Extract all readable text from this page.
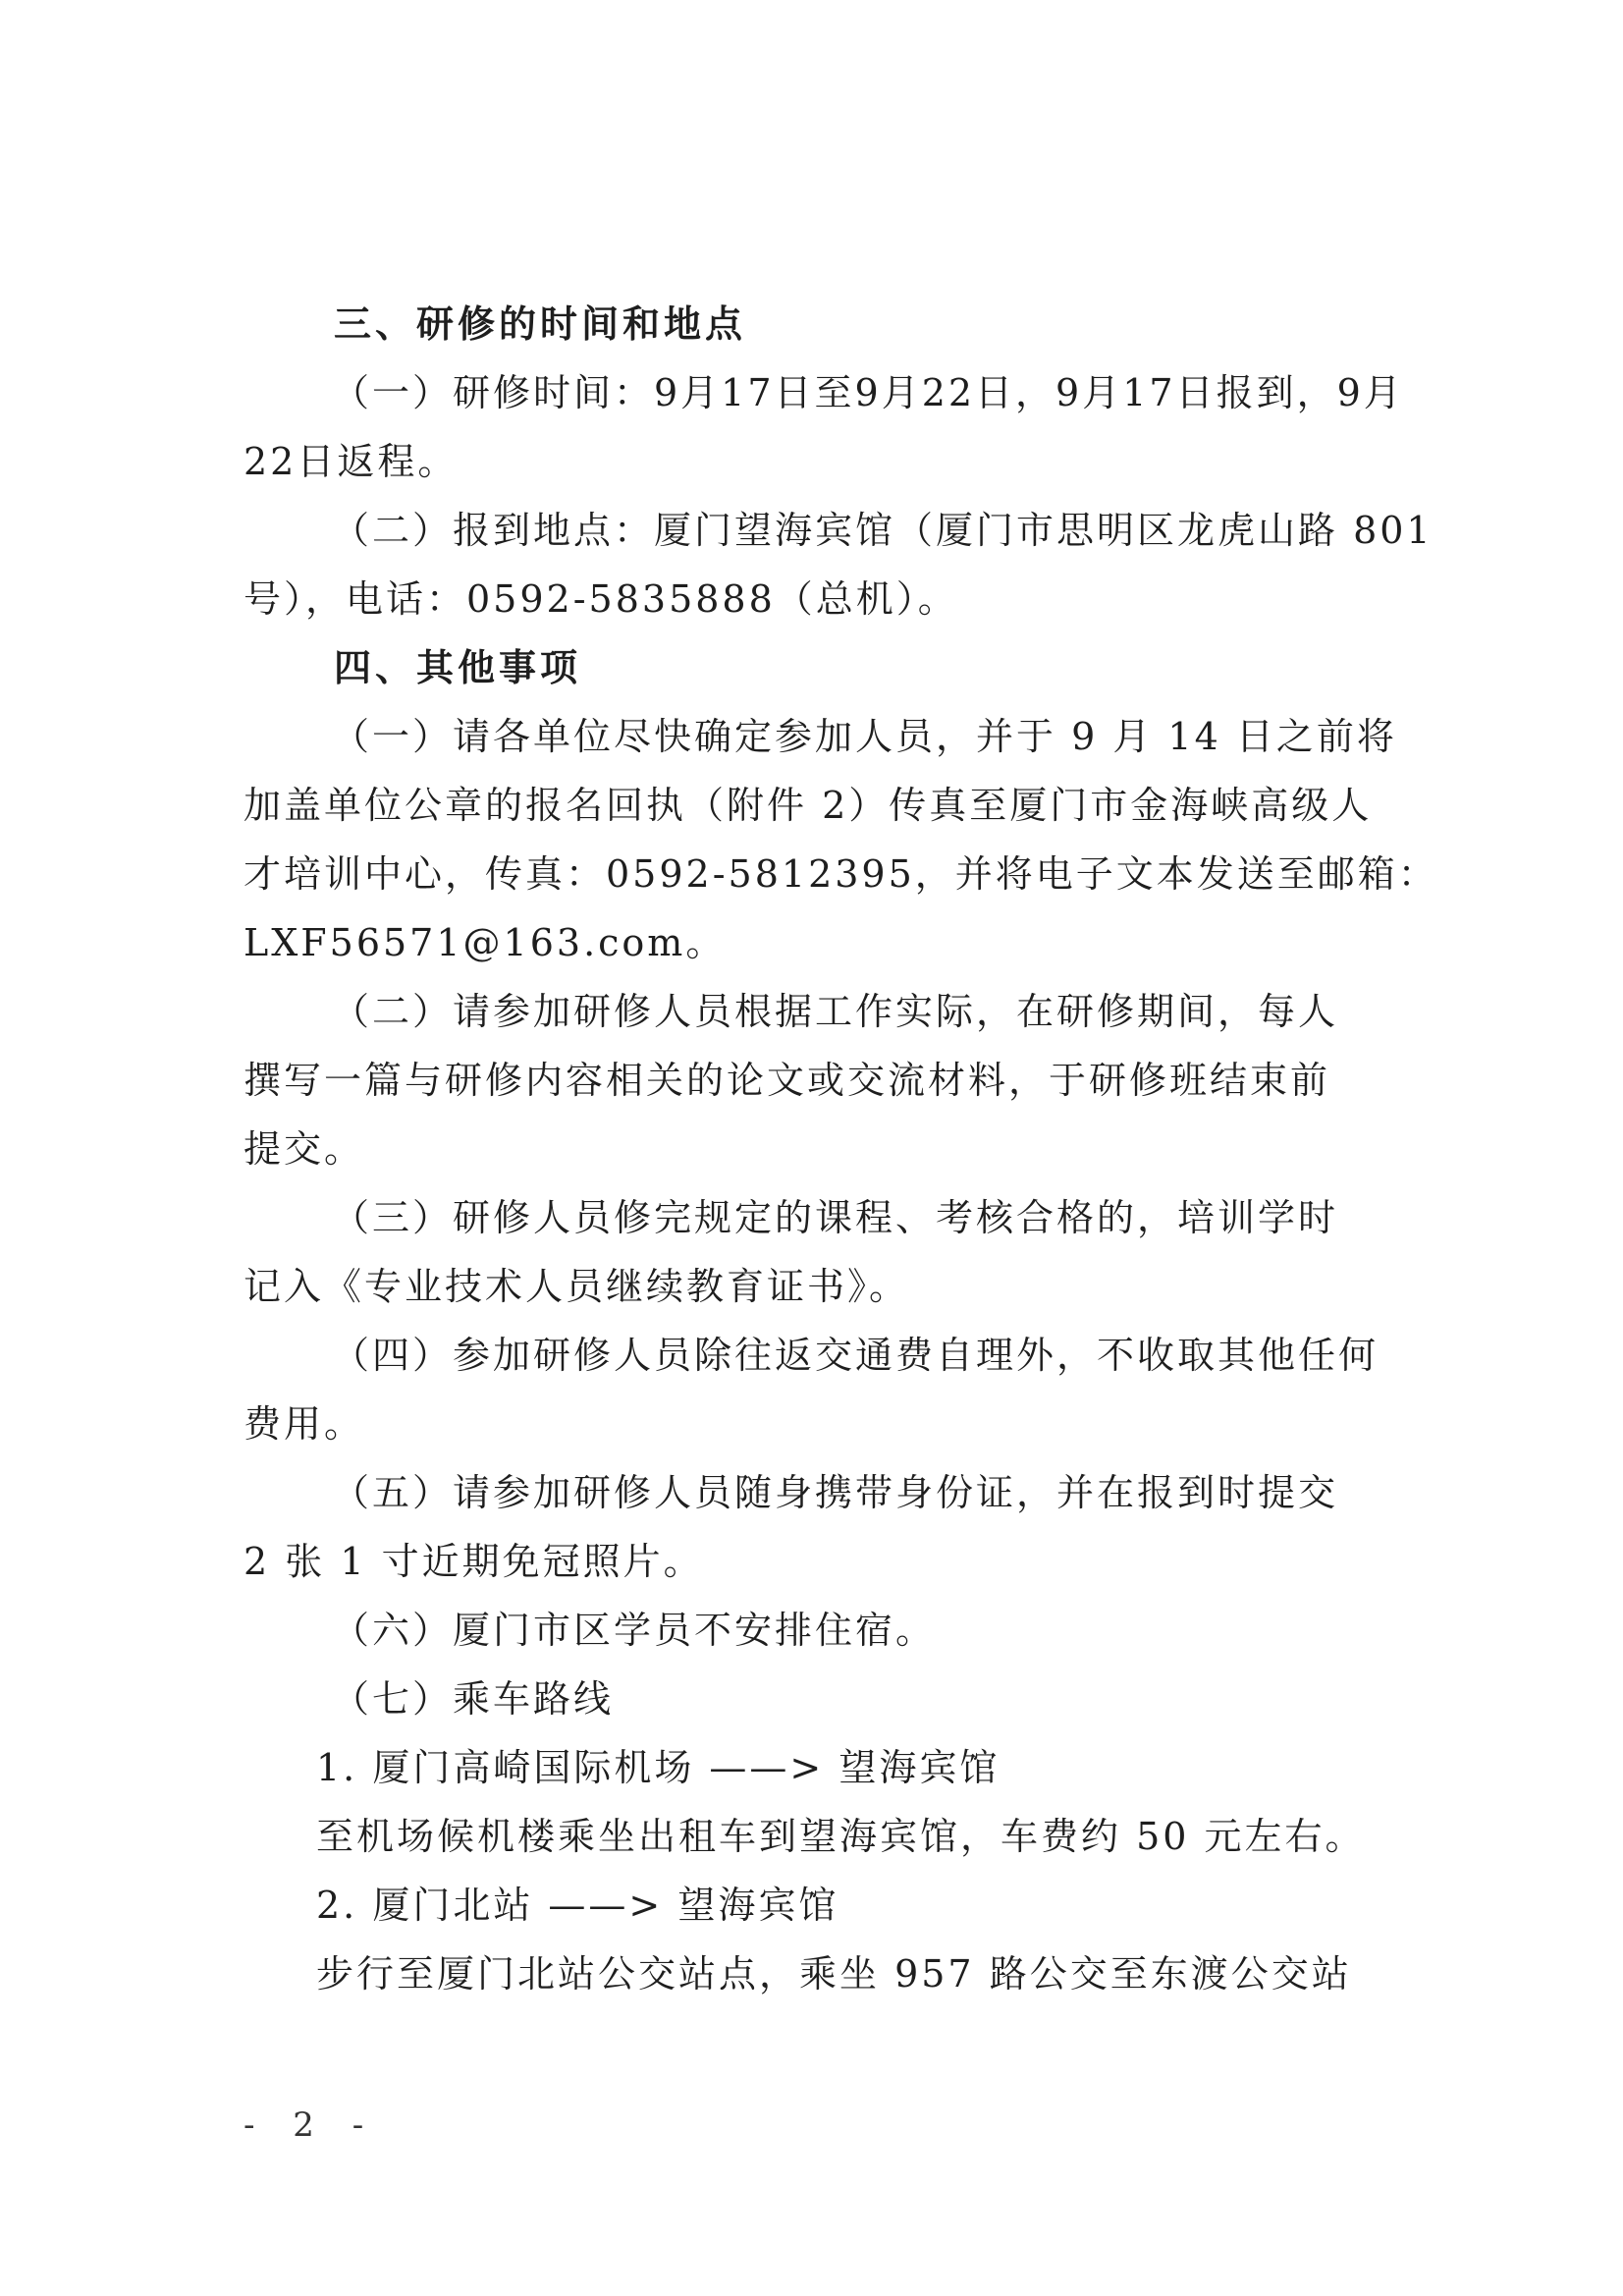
三、研修的时间和地点

（一）研修时间：9月17日至9月22日，9月17日报到，9月

22日返程。

（二）报到地点：厦门望海宾馆（厦门市思明区龙虎山路 801

号），电话：0592-5835888（总机）。

四、其他事项

（一）请各单位尽快确定参加人员，并于 9 月 14 日之前将

加盖单位公章的报名回执（附件 2）传真至厦门市金海峡高级人

才培训中心，传真：0592-5812395，并将电子文本发送至邮箱：

LXF56571@163.com。

（二）请参加研修人员根据工作实际，在研修期间，每人

撰写一篇与研修内容相关的论文或交流材料，于研修班结束前

提交。

（三）研修人员修完规定的课程、考核合格的，培训学时

记入《专业技术人员继续教育证书》。

（四）参加研修人员除往返交通费自理外，不收取其他任何

费用。

（五）请参加研修人员随身携带身份证，并在报到时提交

2 张 1 寸近期免冠照片。

（六）厦门市区学员不安排住宿。

（七）乘车路线

1. 厦门高崎国际机场 ——> 望海宾馆

至机场候机楼乘坐出租车到望海宾馆，车费约 50 元左右。

2. 厦门北站 ——> 望海宾馆

步行至厦门北站公交站点，乘坐 957 路公交至东渡公交站

- 2 -
